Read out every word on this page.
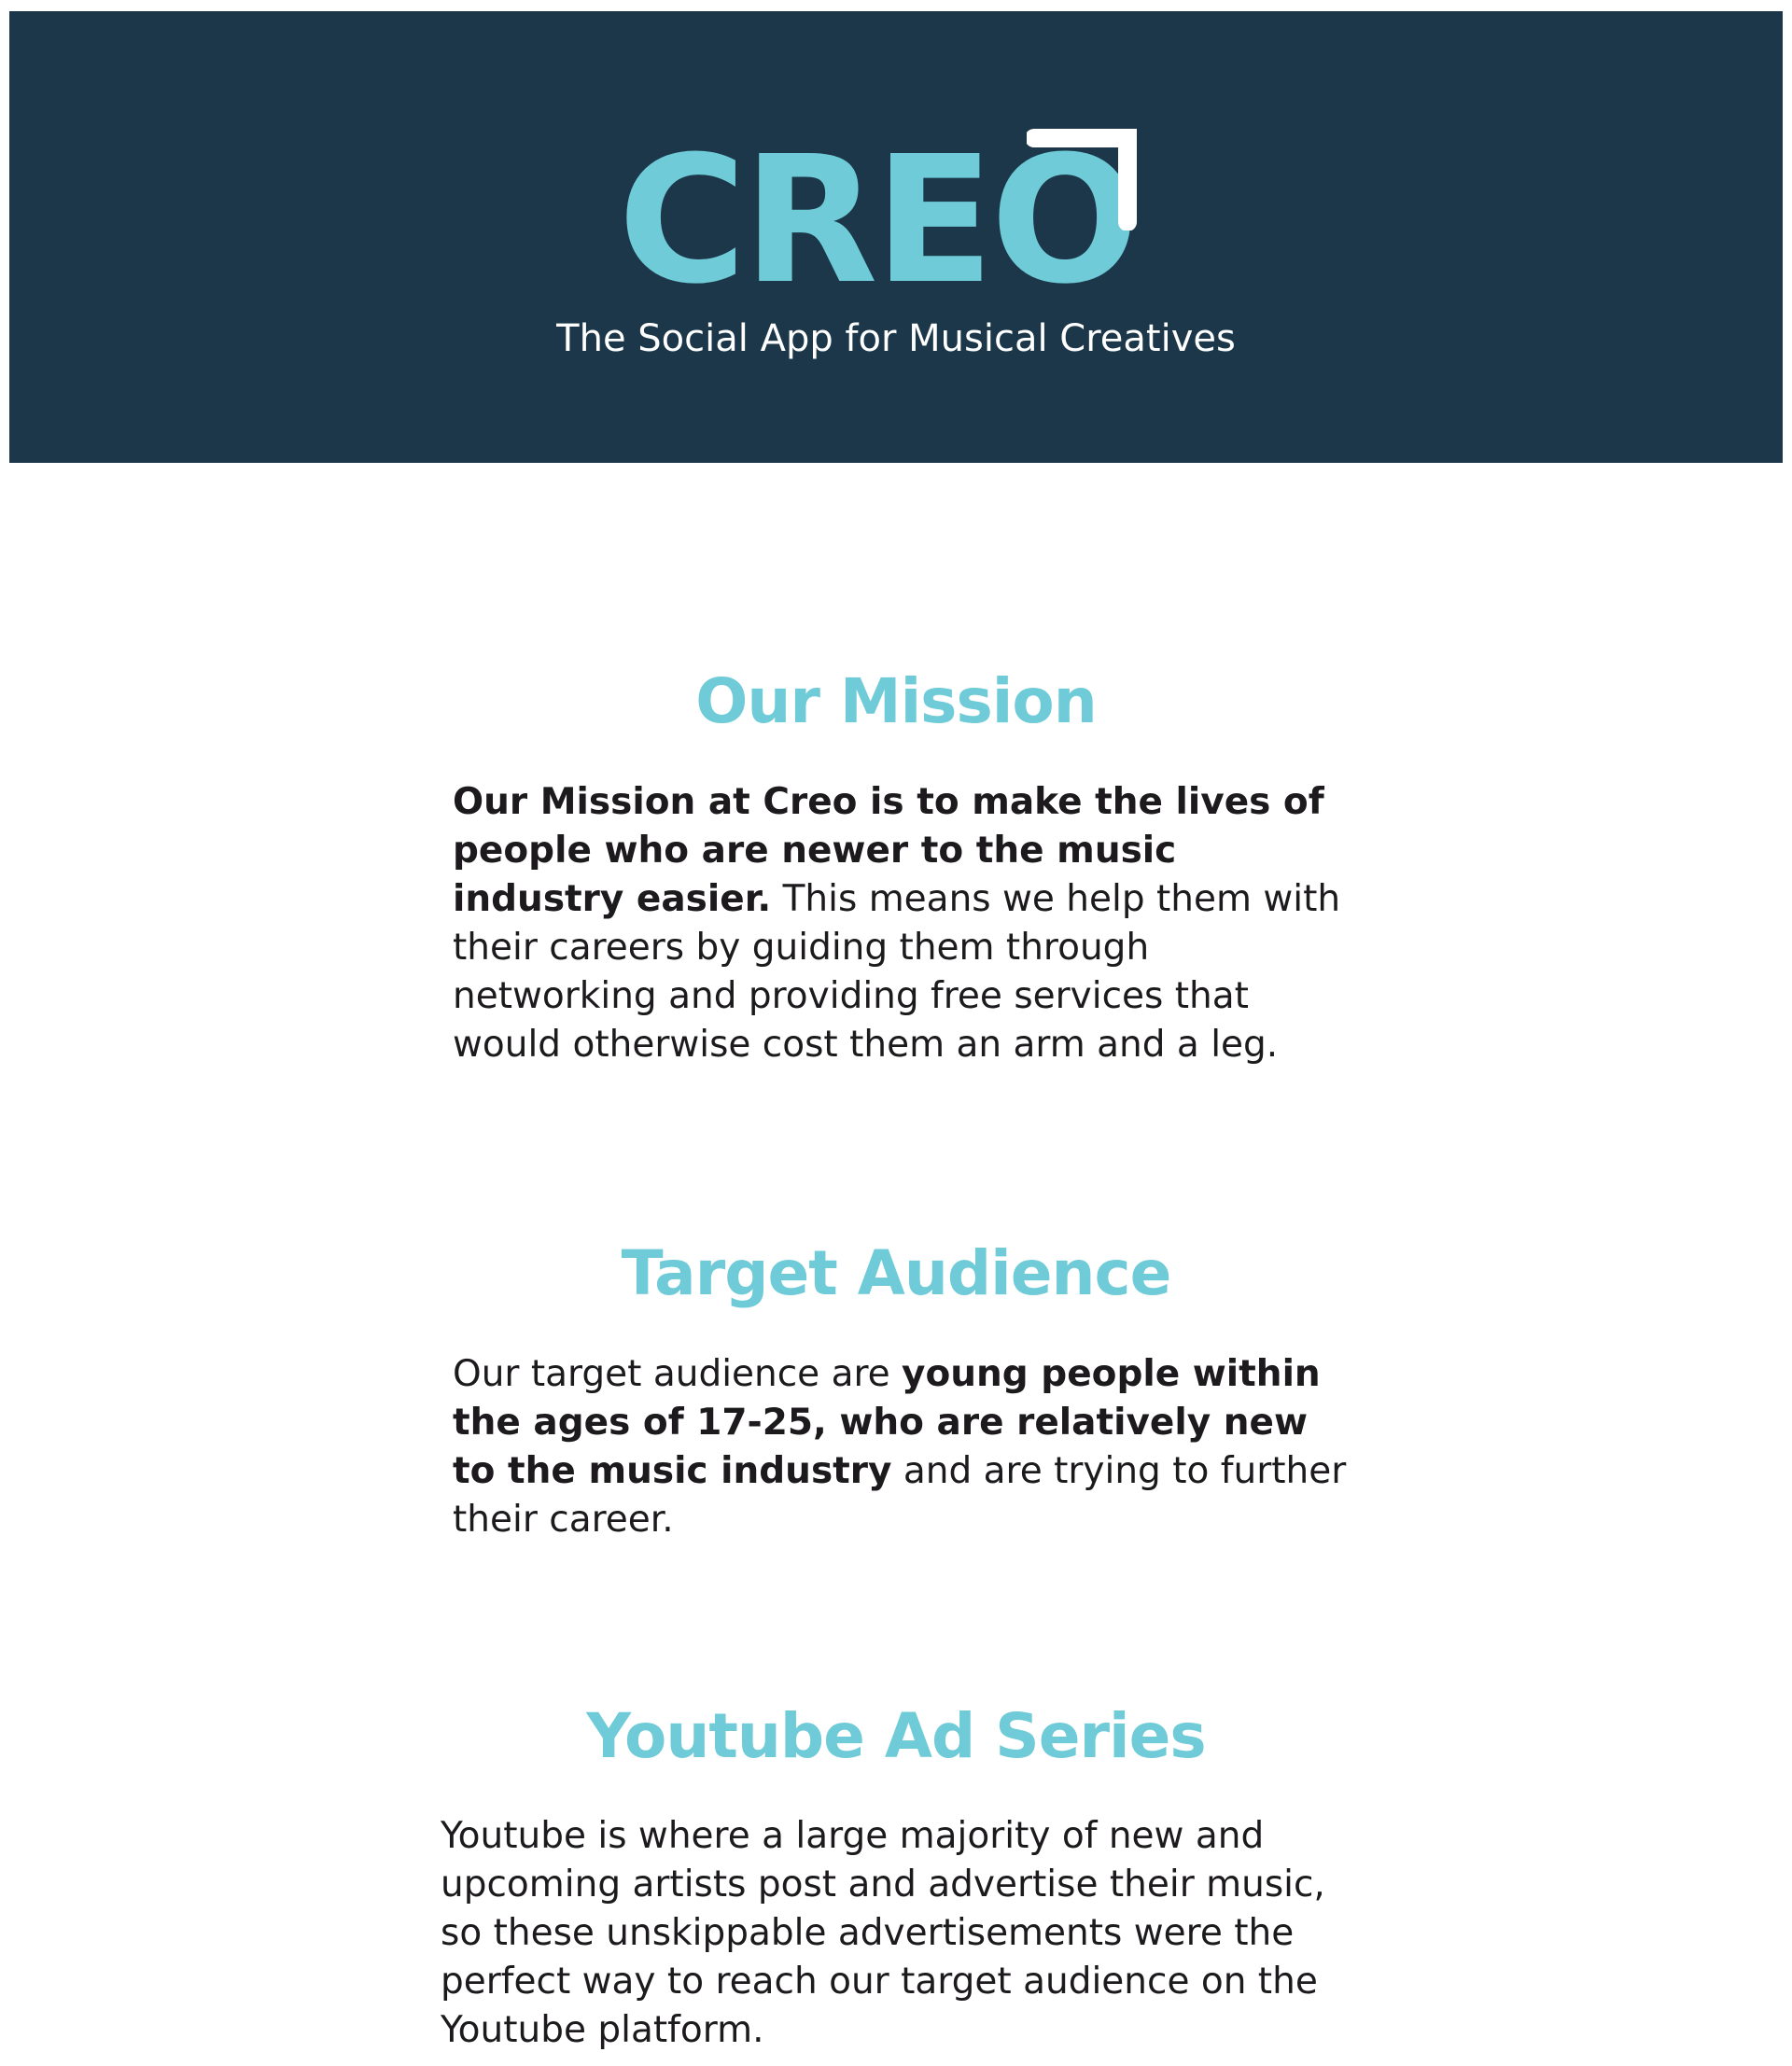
CREO
The Social App for Musical Creatives
Our Mission

Our Mission at Creo is to make the lives of people who are newer to the music industry easier. This means we help them with their careers by guiding them through networking and providing free services that would otherwise cost them an arm and a leg.

Target Audience

Our target audience are young people within the ages of 17-25, who are relatively new to the music industry and are trying to further their career.

Youtube Ad Series

Youtube is where a large majority of new and upcoming artists post and advertise their music, so these unskippable advertisements were the perfect way to reach our target audience on the Youtube platform.
